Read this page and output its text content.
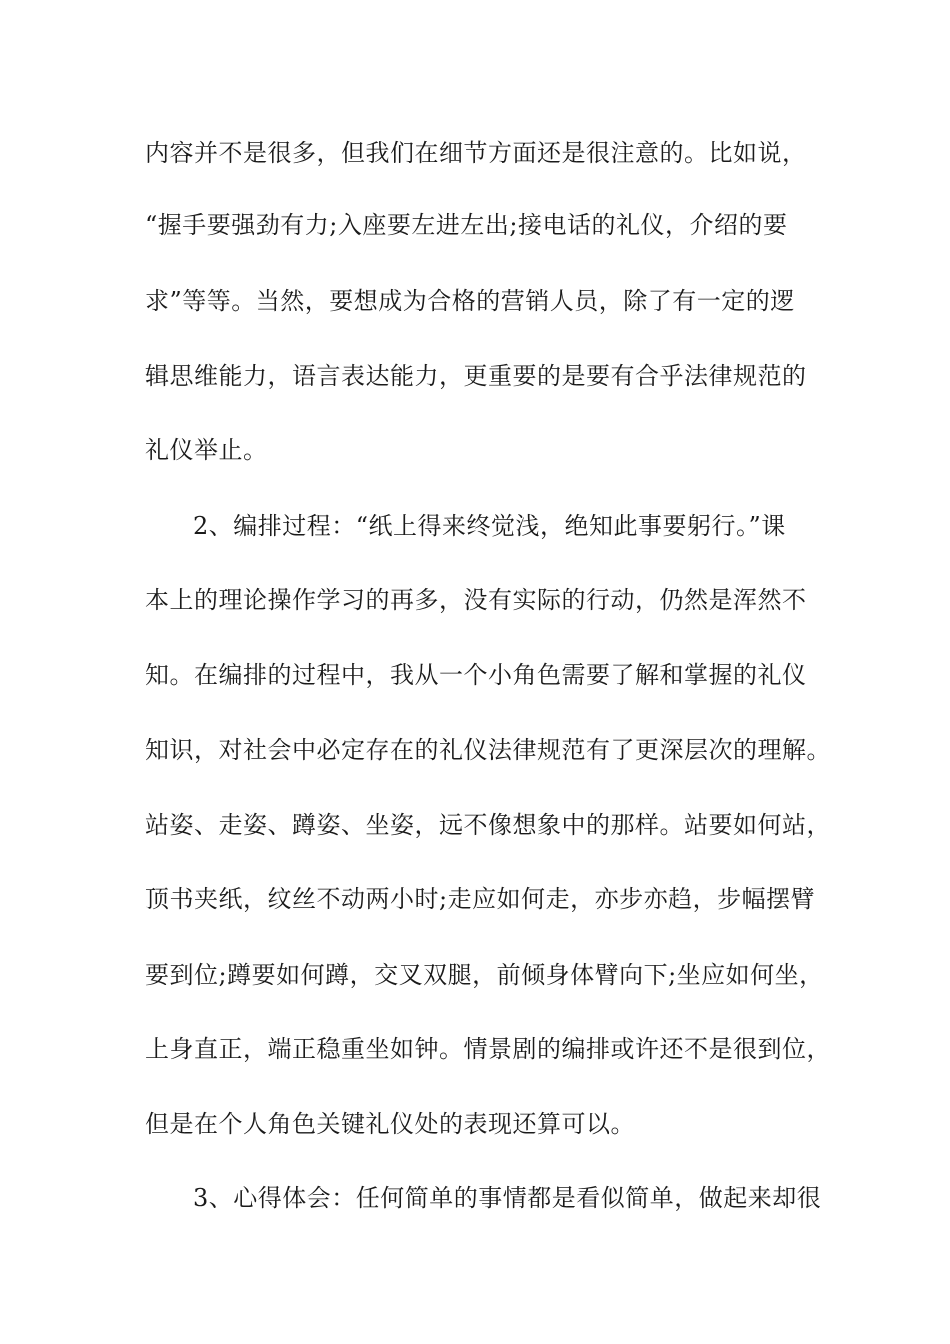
内容并不是很多，但我们在细节方面还是很注意的。比如说，
“握手要强劲有力;入座要左进左出;接电话的礼仪，介绍的要
求”等等。当然，要想成为合格的营销人员，除了有一定的逻
辑思维能力，语言表达能力，更重要的是要有合乎法律规范的
礼仪举止。
2、编排过程：“纸上得来终觉浅，绝知此事要躬行。”课
本上的理论操作学习的再多，没有实际的行动，仍然是浑然不
知。在编排的过程中，我从一个小角色需要了解和掌握的礼仪
知识，对社会中必定存在的礼仪法律规范有了更深层次的理解。
站姿、走姿、蹲姿、坐姿，远不像想象中的那样。站要如何站，
顶书夹纸，纹丝不动两小时;走应如何走，亦步亦趋，步幅摆臂
要到位;蹲要如何蹲，交叉双腿，前倾身体臂向下;坐应如何坐，
上身直正，端正稳重坐如钟。情景剧的编排或许还不是很到位，
但是在个人角色关键礼仪处的表现还算可以。
3、心得体会：任何简单的事情都是看似简单，做起来却很
